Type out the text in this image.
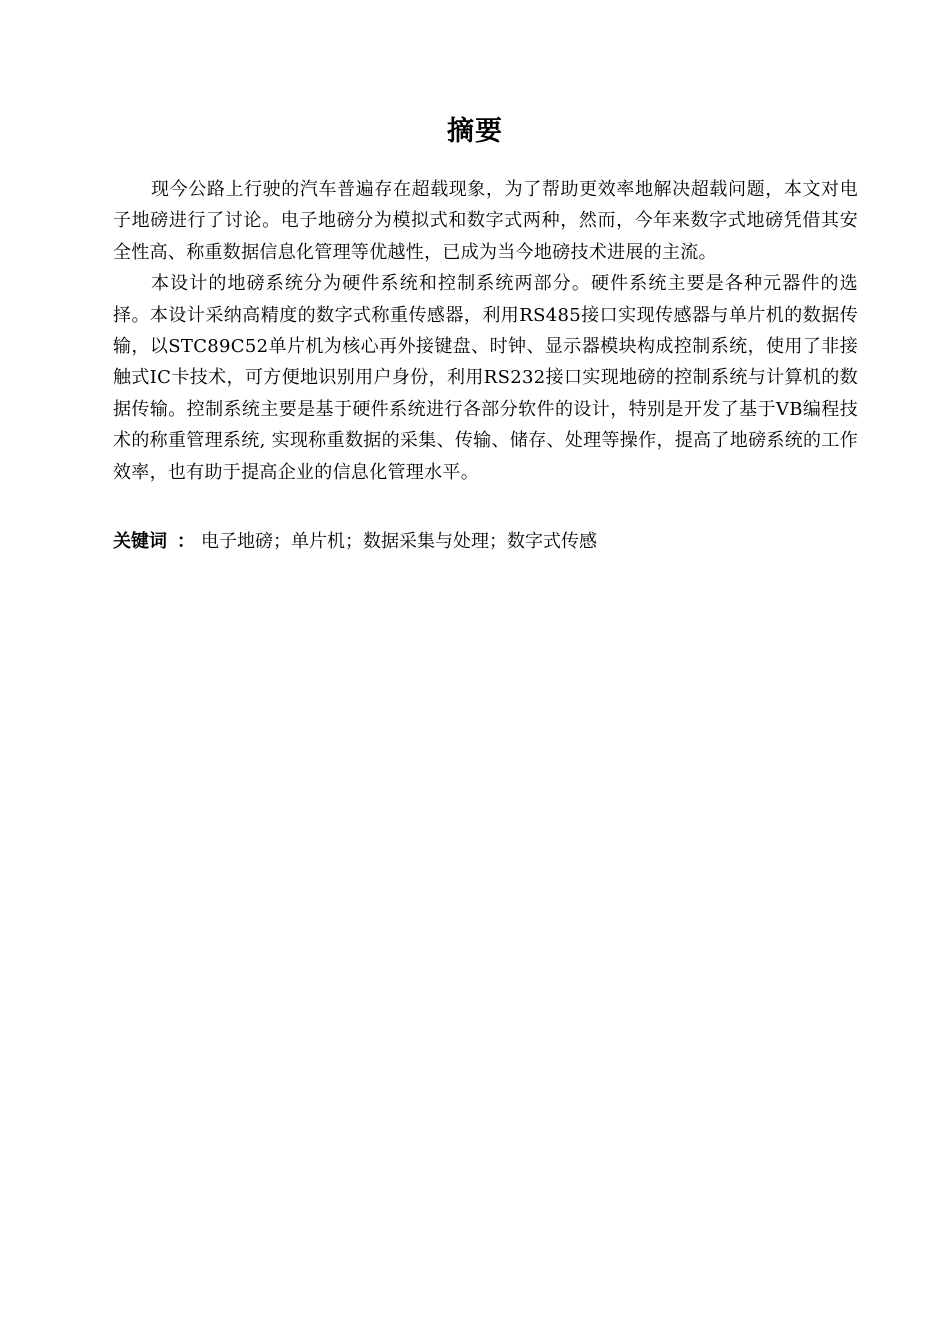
摘要

现今公路上行驶的汽车普遍存在超载现象，为了帮助更效率地解决超载问题，本文对电子地磅进行了讨论。电子地磅分为模拟式和数字式两种，然而，今年来数字式地磅凭借其安全性高、称重数据信息化管理等优越性，已成为当今地磅技术进展的主流。

本设计的地磅系统分为硬件系统和控制系统两部分。硬件系统主要是各种元器件的选择。本设计采纳高精度的数字式称重传感器，利用RS485接口实现传感器与单片机的数据传输，以STC89C52单片机为核心再外接键盘、时钟、显示器模块构成控制系统，使用了非接触式IC卡技术，可方便地识别用户身份，利用RS232接口实现地磅的控制系统与计算机的数据传输。控制系统主要是基于硬件系统进行各部分软件的设计，特别是开发了基于VB编程技术的称重管理系统, 实现称重数据的采集、传输、储存、处理等操作，提高了地磅系统的工作效率，也有助于提高企业的信息化管理水平。

关键词 ： 电子地磅；单片机；数据采集与处理；数字式传感
